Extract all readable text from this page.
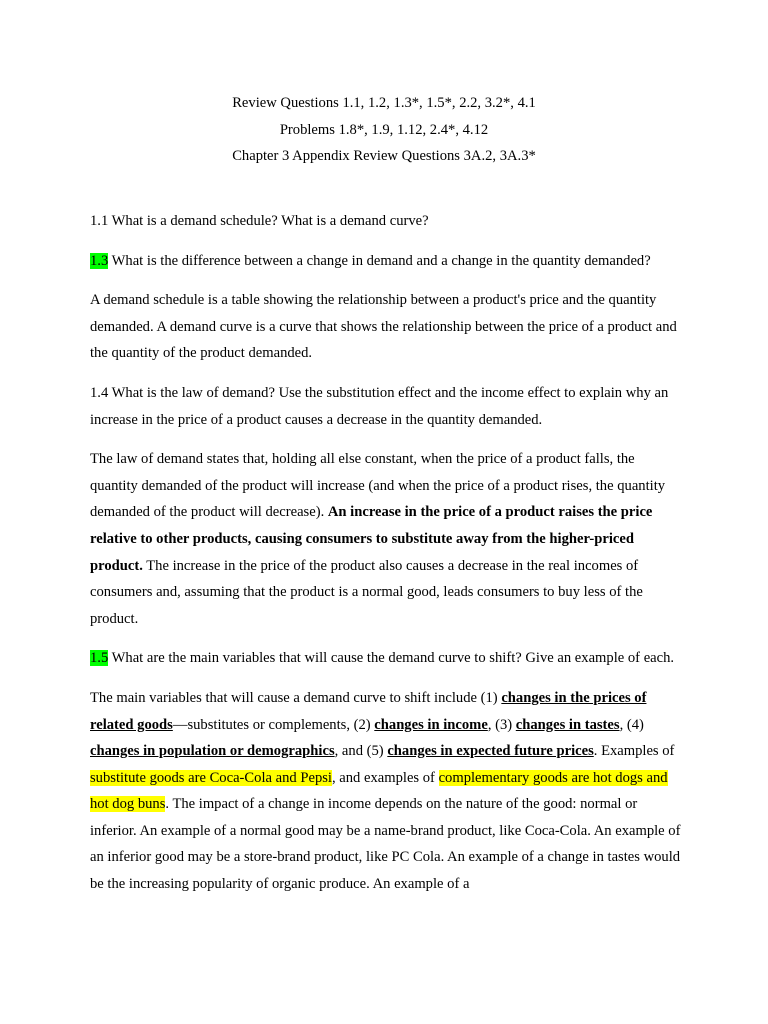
Review Questions 1.1, 1.2, 1.3*, 1.5*, 2.2, 3.2*, 4.1
Problems 1.8*, 1.9, 1.12, 2.4*, 4.12
Chapter 3 Appendix Review Questions 3A.2, 3A.3*

1.1 What is a demand schedule? What is a demand curve?

1.3 What is the difference between a change in demand and a change in the quantity demanded?

A demand schedule is a table showing the relationship between a product's price and the quantity demanded. A demand curve is a curve that shows the relationship between the price of a product and the quantity of the product demanded.

1.4 What is the law of demand? Use the substitution effect and the income effect to explain why an increase in the price of a product causes a decrease in the quantity demanded.

The law of demand states that, holding all else constant, when the price of a product falls, the quantity demanded of the product will increase (and when the price of a product rises, the quantity demanded of the product will decrease). An increase in the price of a product raises the price relative to other products, causing consumers to substitute away from the higher-priced product. The increase in the price of the product also causes a decrease in the real incomes of consumers and, assuming that the product is a normal good, leads consumers to buy less of the product.

1.5 What are the main variables that will cause the demand curve to shift? Give an example of each.

The main variables that will cause a demand curve to shift include (1) changes in the prices of related goods—substitutes or complements, (2) changes in income, (3) changes in tastes, (4) changes in population or demographics, and (5) changes in expected future prices. Examples of substitute goods are Coca-Cola and Pepsi, and examples of complementary goods are hot dogs and hot dog buns. The impact of a change in income depends on the nature of the good: normal or inferior. An example of a normal good may be a name-brand product, like Coca-Cola. An example of an inferior good may be a store-brand product, like PC Cola. An example of a change in tastes would be the increasing popularity of organic produce. An example of a
